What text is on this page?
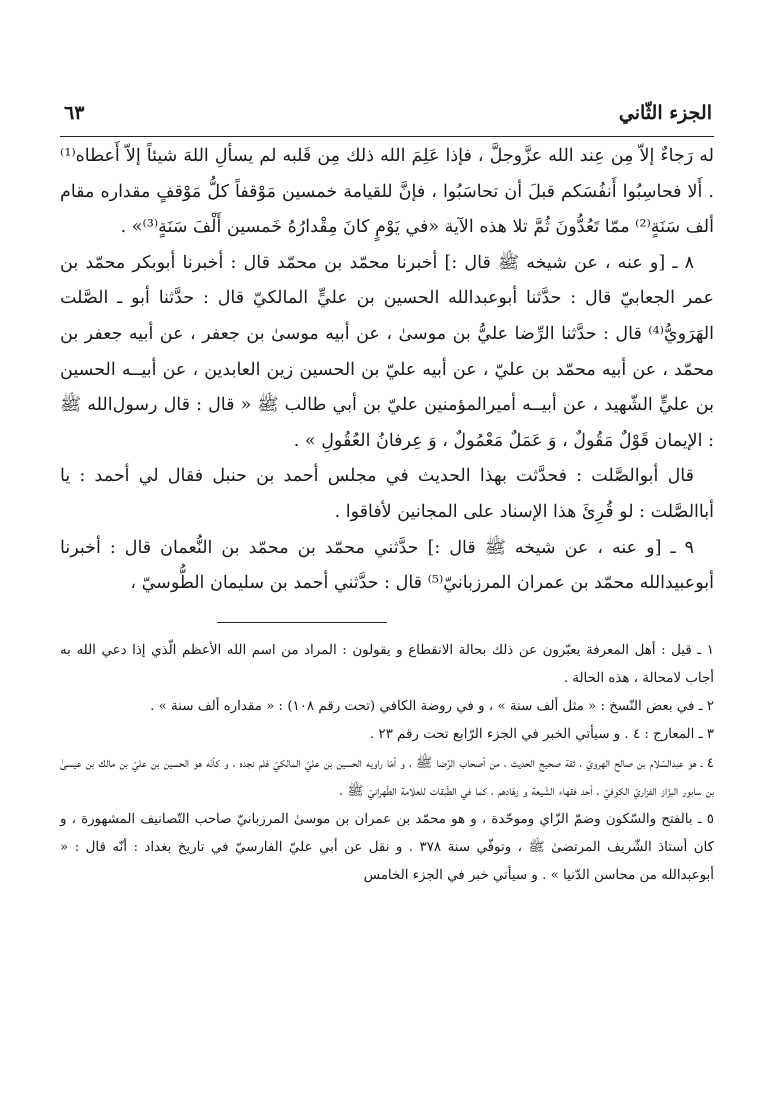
الجزء الثّاني
٦٣

له رَجاءٌ إلاّ مِن عِند الله عزَّوجلَّ ، فإذا عَلِمَ الله ذلك مِن قَلبه لم يسألِ اللهَ شيئاً إلاّ أَعطاه⁽¹⁾ . أَلا فحاسِبُوا أَنفُسَكم قبلَ أن تحاسَبُوا ، فإنَّ للقيامة خمسين مَوْقفاً كلُّ مَوْقفٍ مقداره مقام ألف سَنَةٍ⁽²⁾ ممّا تَعُدُّونَ ثُمَّ تلا هذه الآية «في يَوْمٍ كانَ مِقْدارُهُ خَمسين أَلْفَ سَنَةٍ⁽³⁾» .

٨ ـ [و عنه ، عن شيخه ﷺ قال :] أخبرنا محمّد بن محمّد قال : أخبرنا أبوبكر محمّد بن عمر الجعابيّ قال : حدَّثنا أبوعبدالله الحسين بن عليٍّ المالكيّ قال : حدَّثنا أبو ـ الصَّلت الهَرَويُّ⁽⁴⁾ قال : حدَّثنا الرِّضا عليُّ بن موسىٰ ، عن أبيه موسىٰ بن جعفر ، عن أبيه جعفر بن محمّد ، عن أبيه محمّد بن عليّ ، عن أبيه عليّ بن الحسين زين العابدين ، عن أبيــه الحسين بن عليٍّ الشّهيد ، عن أبيــه أميرالمؤمنين عليّ بن أبي طالب ﷺ « قال : قال رسول‌الله ﷺ : الإيمان قَوْلٌ مَقُولٌ ، وَ عَمَلٌ مَعْمُولٌ ، وَ عِرفانُ العُقُولِ » .

قال أبوالصَّلت : فحدَّثت بهذا الحديث في مجلس أحمد بن حنبل فقال لي أحمد : يا أباالصَّلت : لو قُرِئَ هذا الإسناد على المجانين لأفاقوا .

٩ ـ [و عنه ، عن شيخه ﷺ قال :] حدَّثني محمّد بن محمّد بن النُّعمان قال : أخبرنا أبوعبيدالله محمّد بن عمران المرزبانيّ⁽⁵⁾ قال : حدَّثني أحمد بن سليمان الطُّوسيّ ،

١ ـ قيل : أهل المعرفة يعبّرون عن ذلك بحالة الانقطاع و يقولون : المراد من اسم الله الأعظم الّذي إذا دعي الله به أجاب لامحالة ، هذه الحالة .

٢ ـ في بعض النّسخ : « مثل ألف سنة » ، و في روضة الكافي (تحت رقم ١٠٨) : « مقداره ألف سنة » .

٣ ـ المعارج : ٤ . و سيأتي الخبر في الجزء الرّابع تحت رقم ٢٣ .

٤ ـ هو عبدالسّلام بن صالح الهرويّ ، ثقة صحيح الحديث ، من أصحاب الرِّضا ﷺ ، و أمّا راويه الحسين بن عليّ المالكيّ فلم نجده ، و كأنّه هو الحسين بن عليّ بن مالك بن عيسىٰ بن سابور البزّاز الفزاريّ الكوفيّ ، أحد فقهاء الشّيعة و زهّادهم ، كما في الطّبقات للعلامة الطّهرانيّ ﷺ .

٥ ـ بالفتح والسّكون وضمّ الزّاي وموحّدة ، و هو محمّد بن عمران بن موسىٰ المرزبانيّ صاحب التّصانيف المشهورة ، و كان أستاذ الشّريف المرتضىٰ ﷺ ، وتوفّي سنة ٣٧٨ . و نقل عن أبي عليّ الفارسيّ في تاريخ بغداد : أنّه قال : « أبوعبدالله من محاسن الدّنيا » . و سيأتي خبر في الجزء الخامس
